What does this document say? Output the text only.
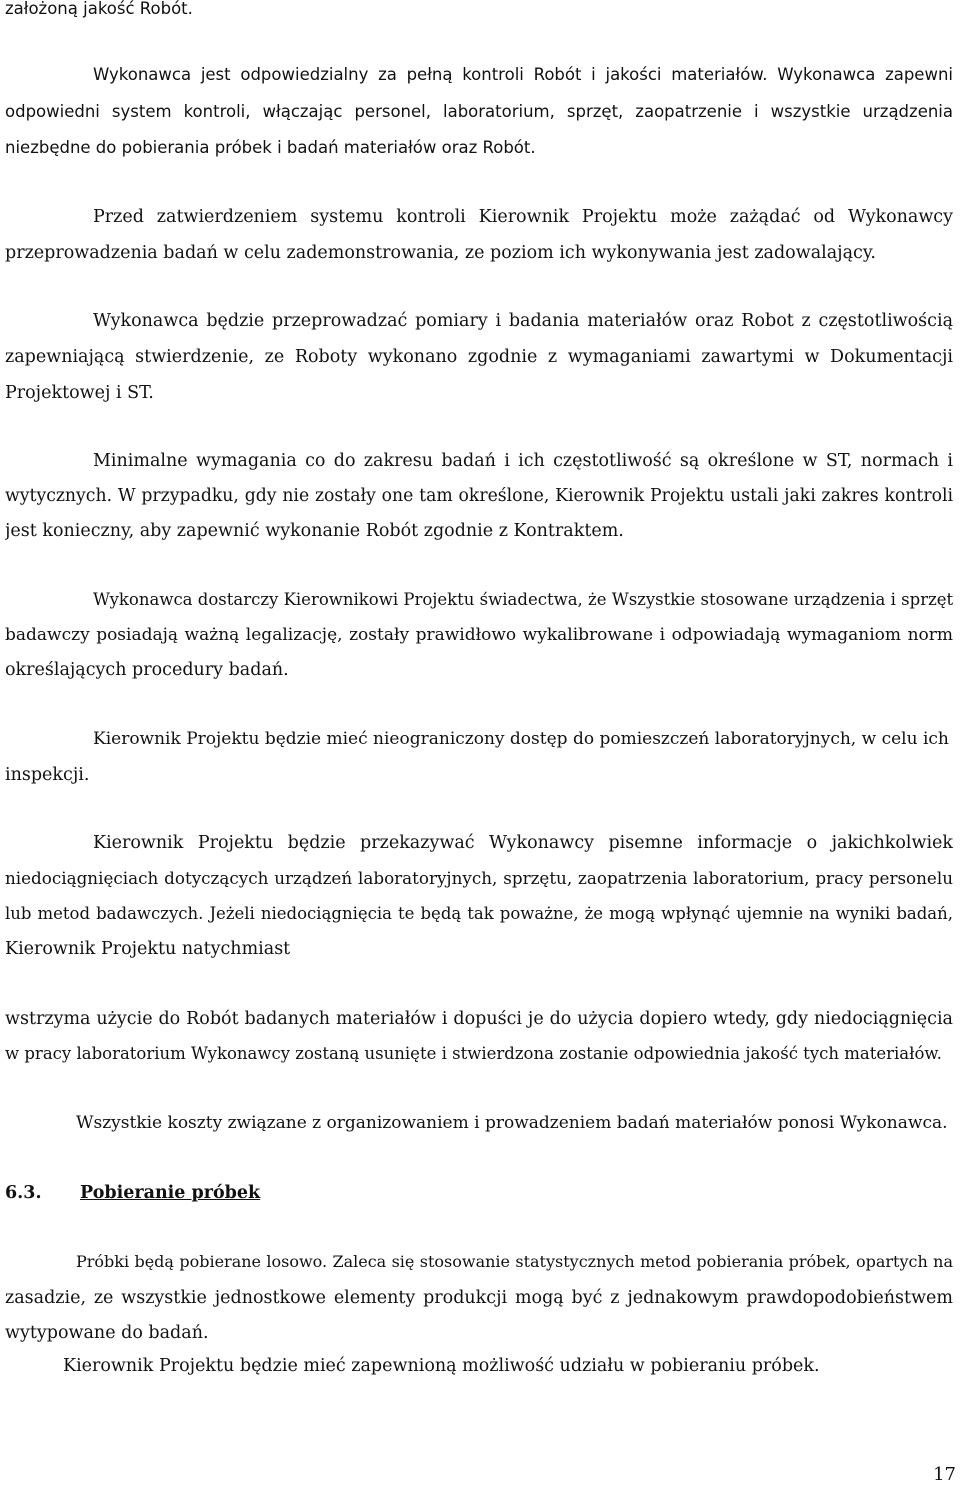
założoną jakość Robót.

Wykonawca jest odpowiedzialny za pełną kontroli Robót i jakości materiałów. Wykonawca zapewni

odpowiedni system kontroli, włączając personel, laboratorium, sprzęt, zaopatrzenie i wszystkie urządzenia

niezbędne do pobierania próbek i badań materiałów oraz Robót.

Przed zatwierdzeniem systemu kontroli Kierownik Projektu może zażądać od Wykonawcy

przeprowadzenia badań w celu zademonstrowania, ze poziom ich wykonywania jest zadowalający.

Wykonawca będzie przeprowadzać pomiary i badania materiałów oraz Robot z częstotliwością

zapewniającą stwierdzenie, ze Roboty wykonano zgodnie z wymaganiami zawartymi w Dokumentacji

Projektowej i ST.

Minimalne wymagania co do zakresu badań i ich częstotliwość są określone w ST, normach i

wytycznych. W przypadku, gdy nie zostały one tam określone, Kierownik Projektu ustali jaki zakres kontroli

jest konieczny, aby zapewnić wykonanie Robót zgodnie z Kontraktem.

Wykonawca dostarczy Kierownikowi Projektu świadectwa, że Wszystkie stosowane urządzenia i sprzęt

badawczy posiadają ważną legalizację, zostały prawidłowo wykalibrowane i odpowiadają wymaganiom norm

określających procedury badań.

Kierownik Projektu będzie mieć nieograniczony dostęp do pomieszczeń laboratoryjnych, w celu ich

inspekcji.

Kierownik Projektu będzie przekazywać Wykonawcy pisemne informacje o jakichkolwiek

niedociągnięciach dotyczących urządzeń laboratoryjnych, sprzętu, zaopatrzenia laboratorium, pracy personelu

lub metod badawczych. Jeżeli niedociągnięcia te będą tak poważne, że mogą wpłynąć ujemnie na wyniki badań,

Kierownik Projektu natychmiast

wstrzyma użycie do Robót badanych materiałów i dopuści je do użycia dopiero wtedy, gdy niedociągnięcia

w pracy laboratorium Wykonawcy zostaną usunięte i stwierdzona zostanie odpowiednia jakość tych materiałów.

Wszystkie koszty związane z organizowaniem i prowadzeniem badań materiałów ponosi Wykonawca.

6.3. Pobieranie próbek

Próbki będą pobierane losowo. Zaleca się stosowanie statystycznych metod pobierania próbek, opartych na

zasadzie, ze wszystkie jednostkowe elementy produkcji mogą być z jednakowym prawdopodobieństwem

wytypowane do badań.

Kierownik Projektu będzie mieć zapewnioną możliwość udziału w pobieraniu próbek.

17
